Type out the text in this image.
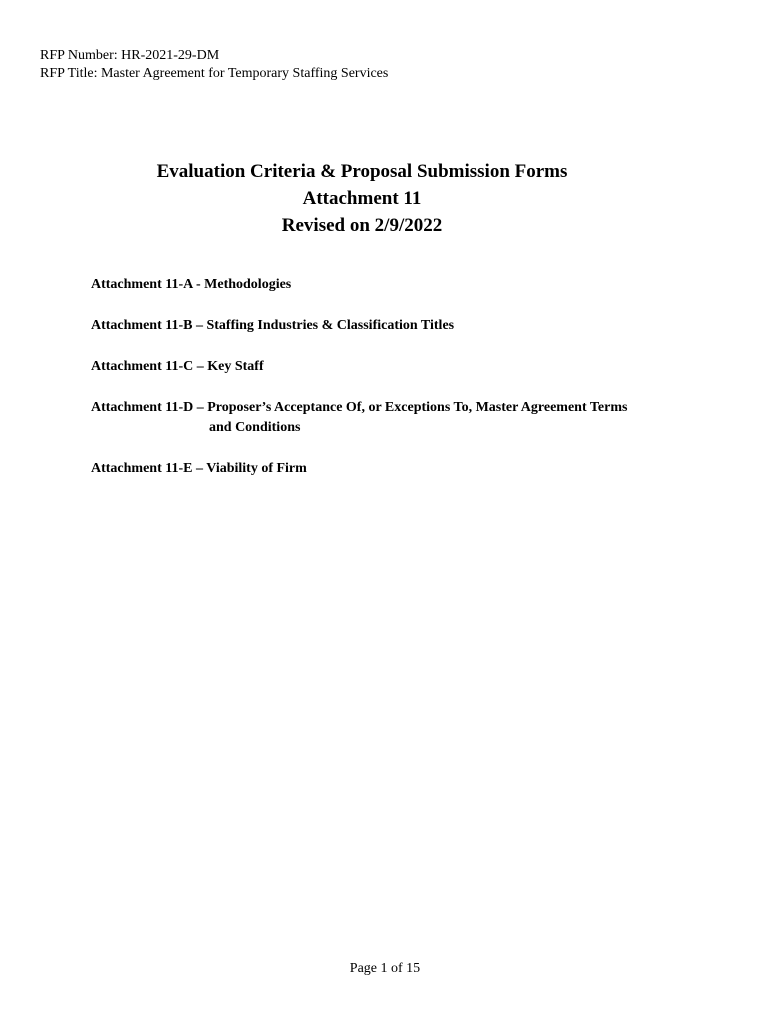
RFP Number: HR-2021-29-DM
RFP Title: Master Agreement for Temporary Staffing Services
Evaluation Criteria & Proposal Submission Forms
Attachment 11
Revised on 2/9/2022
Attachment 11-A - Methodologies
Attachment 11-B – Staffing Industries & Classification Titles
Attachment 11-C – Key Staff
Attachment 11-D – Proposer’s Acceptance Of, or Exceptions To, Master Agreement Terms
and Conditions
Attachment 11-E – Viability of Firm
Page 1 of 15
